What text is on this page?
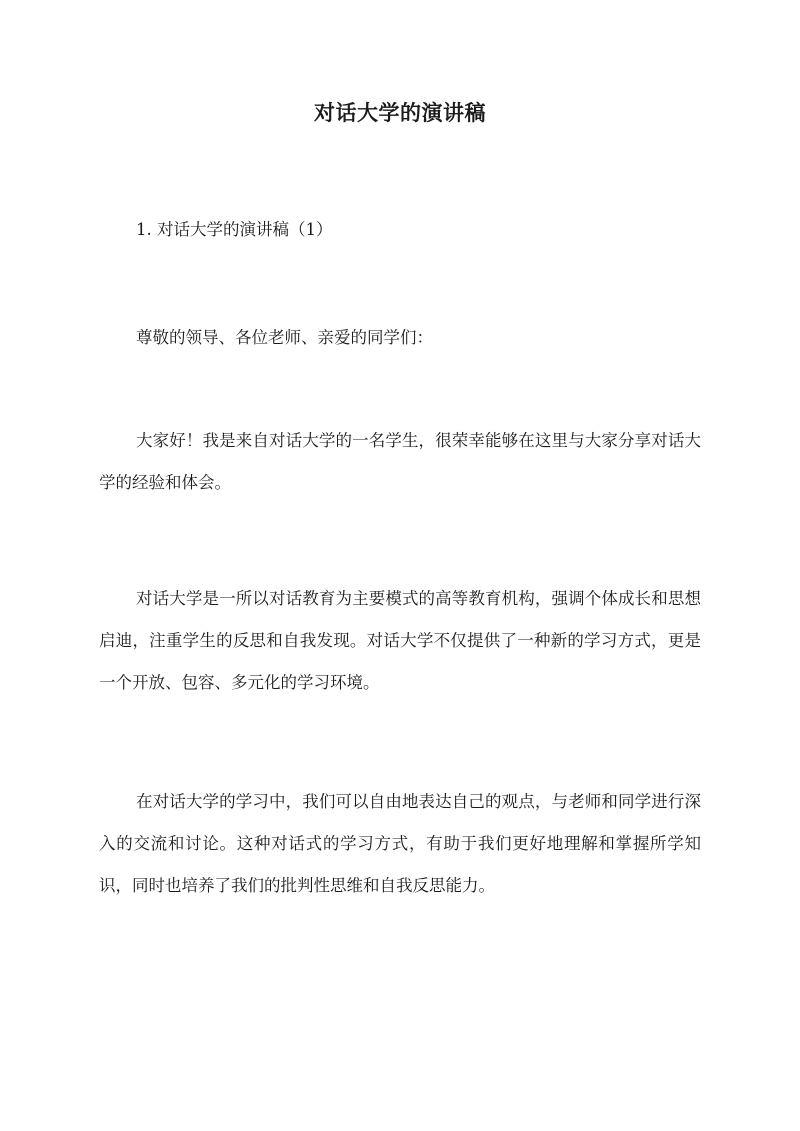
对话大学的演讲稿

1. 对话大学的演讲稿（1）

尊敬的领导、各位老师、亲爱的同学们：

大家好！我是来自对话大学的一名学生，很荣幸能够在这里与大家分享对话大学的经验和体会。

对话大学是一所以对话教育为主要模式的高等教育机构，强调个体成长和思想启迪，注重学生的反思和自我发现。对话大学不仅提供了一种新的学习方式，更是一个开放、包容、多元化的学习环境。

在对话大学的学习中，我们可以自由地表达自己的观点，与老师和同学进行深入的交流和讨论。这种对话式的学习方式，有助于我们更好地理解和掌握所学知识，同时也培养了我们的批判性思维和自我反思能力。
